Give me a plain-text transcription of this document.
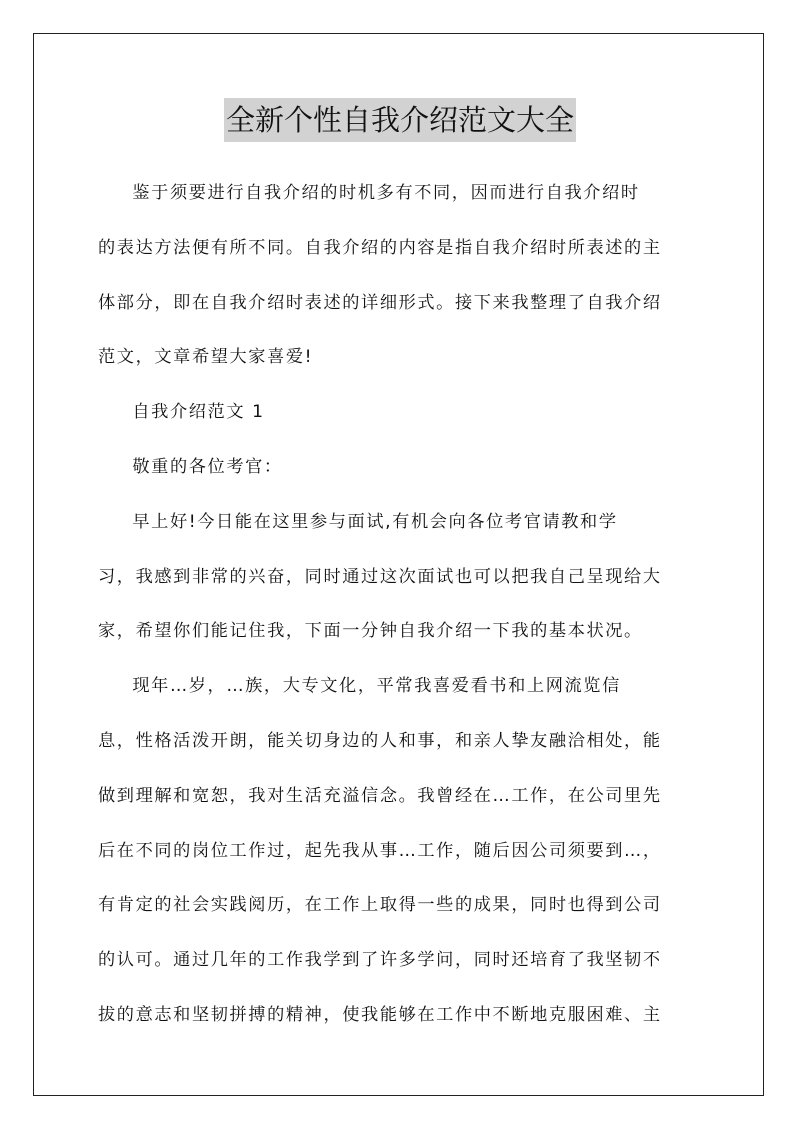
全新个性自我介绍范文大全

鉴于须要进行自我介绍的时机多有不同，因而进行自我介绍时

的表达方法便有所不同。自我介绍的内容是指自我介绍时所表述的主
体部分，即在自我介绍时表述的详细形式。接下来我整理了自我介绍
范文，文章希望大家喜爱!

自我介绍范文 1

敬重的各位考官：

早上好!今日能在这里参与面试,有机会向各位考官请教和学

习，我感到非常的兴奋，同时通过这次面试也可以把我自己呈现给大
家，希望你们能记住我，下面一分钟自我介绍一下我的基本状况。

现年…岁，…族，大专文化，平常我喜爱看书和上网流览信

息，性格活泼开朗，能关切身边的人和事，和亲人挚友融洽相处，能
做到理解和宽恕，我对生活充溢信念。我曾经在…工作，在公司里先
后在不同的岗位工作过，起先我从事…工作，随后因公司须要到…，
有肯定的社会实践阅历，在工作上取得一些的成果，同时也得到公司
的认可。通过几年的工作我学到了许多学问，同时还培育了我坚韧不
拔的意志和坚韧拼搏的精神，使我能够在工作中不断地克服困难、主
